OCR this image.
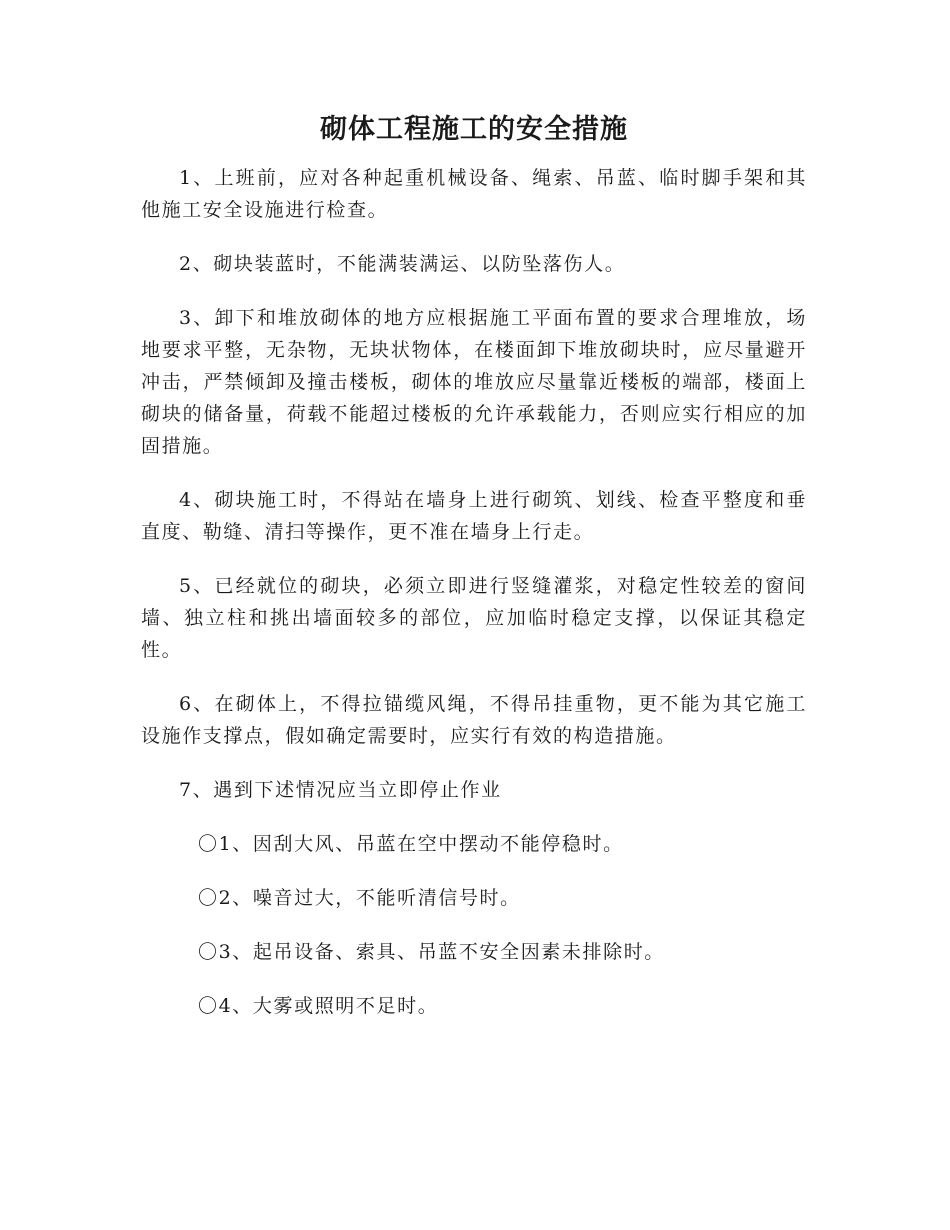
砌体工程施工的安全措施

1、上班前，应对各种起重机械设备、绳索、吊蓝、临时脚手架和其他施工安全设施进行检查。

2、砌块装蓝时，不能满装满运、以防坠落伤人。

3、卸下和堆放砌体的地方应根据施工平面布置的要求合理堆放，场地要求平整，无杂物，无块状物体，在楼面卸下堆放砌块时，应尽量避开冲击，严禁倾卸及撞击楼板，砌体的堆放应尽量靠近楼板的端部，楼面上砌块的储备量，荷载不能超过楼板的允许承载能力，否则应实行相应的加固措施。

4、砌块施工时，不得站在墙身上进行砌筑、划线、检查平整度和垂直度、勒缝、清扫等操作，更不准在墙身上行走。

5、已经就位的砌块，必须立即进行竖缝灌浆，对稳定性较差的窗间墙、独立柱和挑出墙面较多的部位，应加临时稳定支撑，以保证其稳定性。

6、在砌体上，不得拉锚缆风绳，不得吊挂重物，更不能为其它施工设施作支撑点，假如确定需要时，应实行有效的构造措施。

7、遇到下述情况应当立即停止作业

〇1、因刮大风、吊蓝在空中摆动不能停稳时。

〇2、噪音过大，不能听清信号时。

〇3、起吊设备、索具、吊蓝不安全因素未排除时。

〇4、大雾或照明不足时。
